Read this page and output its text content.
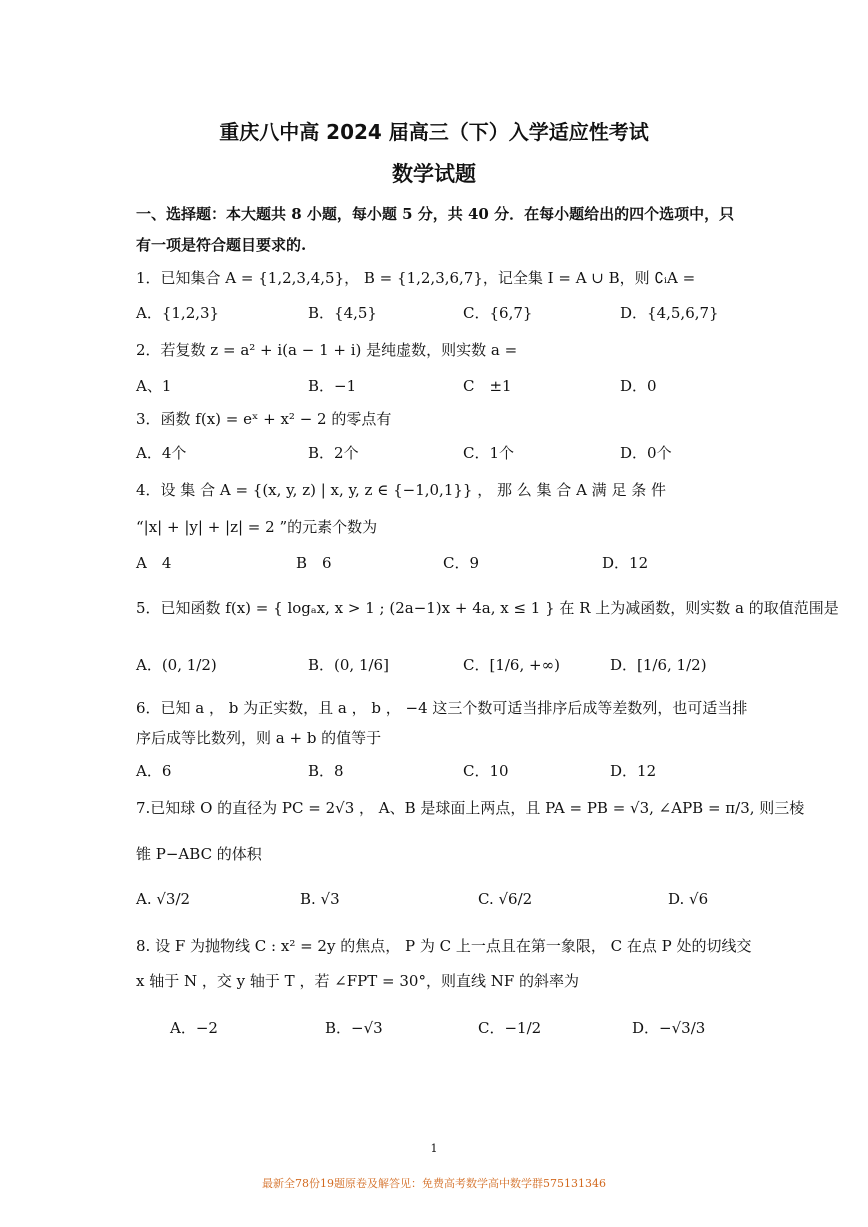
重庆八中高 2024 届高三（下）入学适应性考试
数学试题
一、选择题：本大题共 8 小题，每小题 5 分，共 40 分．在每小题给出的四个选项中，只
有一项是符合题目要求的.
1．已知集合 A = {1,2,3,4,5}， B = {1,2,3,6,7}，记全集 I = A ∪ B，则 ∁ᵢA =
A．{1,2,3}	B．{4,5}	C．{6,7}	D．{4,5,6,7}
2．若复数 z = a² + i(a − 1 + i) 是纯虚数，则实数 a =
A、1	B．−1	C　±1	D．0
3．函数 f(x) = eˣ + x² − 2 的零点有
A．4个	B．2个	C．1个	D．0个
4．设 集 合 A = {(x, y, z) | x, y, z ∈ {−1,0,1}} ， 那 么 集 合 A 满 足 条 件
“|x| + |y| + |z| = 2 ”的元素个数为
A　4	B　6	C．9	D．12
5．已知函数 f(x) = { logₐx, x > 1 ; (2a−1)x + 4a, x ≤ 1 } 在 R 上为减函数，则实数 a 的取值范围是
A．(0, 1/2)	B．(0, 1/6]	C．[1/6, +∞)	D．[1/6, 1/2)
6．已知 a ， b 为正实数，且 a ， b ， −4 这三个数可适当排序后成等差数列，也可适当排
序后成等比数列，则 a + b 的值等于
A．6	B．8	C．10	D．12
7.已知球 O 的直径为 PC = 2√3 ， A、B 是球面上两点，且 PA = PB = √3, ∠APB = π/3, 则三棱
锥 P−ABC 的体积
A. √3/2	B. √3	C. √6/2	D. √6
8. 设 F 为抛物线 C : x² = 2y 的焦点， P 为 C 上一点且在第一象限， C 在点 P 处的切线交
x 轴于 N ，交 y 轴于 T ，若 ∠FPT = 30°，则直线 NF 的斜率为
A．−2	B．−√3	C．−1/2	D．−√3/3
1
最新全78份19题原卷及解答见：免费高考数学高中数学群575131346
